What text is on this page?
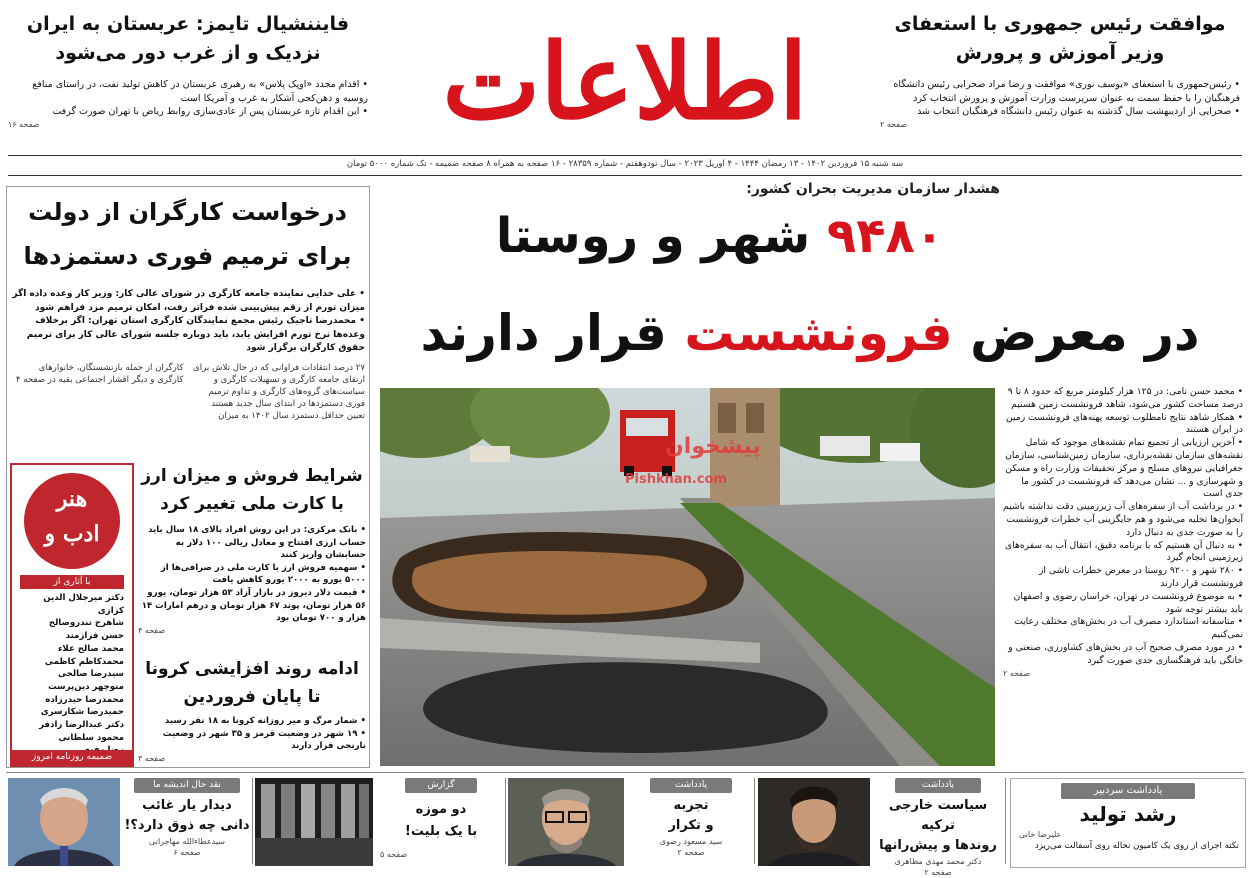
اطلاعات	موافقت رئیس جمهوری با استعفای وزیر آموزش و پرورش
• رئیس‌جمهوری با استعفای «یوسف نوری» موافقت و رضا مراد صحرایی رئیس دانشگاه فرهنگیان را با حفظ سمت به عنوان سرپرست وزارت آموزش و پرورش انتخاب کرد
• صحرایی از اردیبهشت سال گذشته به عنوان رئیس دانشگاه فرهنگیان انتخاب شد
صفحه ۲
فایننشیال تایمز: عربستان به ایران نزدیک و از غرب دور می‌شود
• اقدام مجدد «اوپک پلاس» به رهبری عربستان در کاهش تولید نفت، در راستای منافع روسیه و دهن‌کجی آشکار به غرب و آمریکا است
• این اقدام تازه عربستان پس از عادی‌سازی روابط ریاض با تهران صورت گرفت
صفحه ۱۶
سه شنبه ۱۵ فروردین ۱۴۰۲ - ۱۳ رمضان ۱۴۴۴ - ۴ آوریل ۲۰۲۳ - سال نودوهفتم - شماره ۲۸۳۵۹ - ۱۶ صفحه به همراه ۸ صفحه ضمیمه - تک شماره ۵۰۰۰ تومان
هشدار سازمان مدیریت بحران کشور:
۹۴۸۰ شهر و روستا
در معرض فرونشست قرار دارند
پیشخوان
Pishkhan.com
• محمد حسن نامی: در ۱۲۵ هزار کیلومتر مربع که حدود ۸ تا ۹ درصد مساحت کشور می‌شود، شاهد فرونشست زمین هستیم
• همکار شاهد نتایج نامطلوب توسعه پهنه‌های فرونشست زمین در ایران هستند
• آخرین ارزیابی از تجمیع تمام نقشه‌های موجود که شامل نقشه‌های سازمان نقشه‌برداری، سازمان زمین‌شناسی، سازمان جغرافیایی نیروهای مسلح و مرکز تحقیقات وزارت راه و مسکن و شهرسازی و ... نشان می‌دهد که فرونشست در کشور ما جدی است
• در برداشت آب از سفره‌های آب زیرزمینی دقت نداشته باشیم آبخوان‌ها تخلیه می‌شود و هم جایگزینی آب خطرات فرونشست را به صورت جدی به دنبال دارد
• به دنبال آن هستیم که با برنامه دقیق، انتقال آب به سفره‌های زیرزمینی انجام گیرد
• ۲۸۰ شهر و ۹۲۰۰ روستا در معرض خطرات ناشی از فرونشست قرار دارند
• به موضوع فرونشست در تهران، خراسان رضوی و اصفهان باید بیشتر توجه شود
• متاسفانه استاندارد مصرف آب در بخش‌های مختلف رعایت نمی‌کنیم
• در مورد مصرف صحیح آب در بخش‌های کشاورزی، صنعتی و خانگی باید فرهنگسازی جدی صورت گیرد
صفحه ۲
درخواست کارگران از دولت
برای ترمیم فوری دستمزدها
• علی خدایی نماینده جامعه کارگری در شورای عالی کار: وزیر کار وعده داده اگر میزان تورم از رقم پیش‌بینی شده فراتر رفت، امکان ترمیم مزد فراهم شود
• محمدرضا تاجیک رئیس مجمع نمایندگان کارگری استان تهران: اگر برخلاف وعده‌ها نرخ تورم افزایش یابد، باید دوباره جلسه شورای عالی کار برای ترمیم حقوق کارگران برگزار شود
۲۷ درصد انتقادات فراوانی که در حال تلاش برای ارتقای جامعه کارگری و تسهیلات کارگری و سیاست‌های گروه‌های کارگری و تداوم ترمیم فوری دستمزدها در ابتدای سال جدید هستند
کارگران از جمله بازنشستگان، خانوارهای کارگری و دیگر اقشار اجتماعی بقیه در صفحه ۴
تعیین حداقل دستمزد سال ۱۴۰۲ به میزان
هنر
ادب و
با آثاری از
دکتر میرجلال الدین کزازی
شاهرخ تندروصالح
حسن فرازمند
محمد صالح علاء
محمدکاظم کاظمی
سیدرضا صالحی
منوچهر دین‌پرست
محمدرضا حیدرزاده
حمیدرضا شکارسری
دکتر عبدالرضا رادفر
محمود سلطانی
ضمیمه روزنامه امروز
شرایط فروش و میزان ارز
با کارت ملی تغییر کرد
• بانک مرکزی: در این روش افراد بالای ۱۸ سال باید حساب ارزی افتتاح و معادل ریالی ۱۰۰ دلار به حسابشان واریز کنند
• سهمیه فروش ارز با کارت ملی در صرافی‌ها از ۵۰۰۰ یورو به ۲۰۰۰ یورو کاهش یافت
• قیمت دلار دیروز در بازار آزاد ۵۳ هزار تومان، یورو ۵۶ هزار تومان، پوند ۶۷ هزار تومان و درهم امارات ۱۴ هزار و ۷۰۰ تومان بود
صفحه ۴
ادامه روند افزایشی کرونا
تا پایان فروردین
• شمار مرگ و میر روزانه کرونا به ۱۸ نفر رسید
• ۱۹ شهر در وضعیت قرمز و ۳۵ شهر در وضعیت نارنجی قرار دارند
صفحه ۳
یادداشت سردبیر
رشد تولید
علیرضا خانی
نکته اجرای از روی یک کامیون نخاله روی آسفالت می‌ریزد
یادداشت
سیاست خارجی ترکیه
روندها و پیش‌رانها
دکتر محمد مهدی مظاهری
صفحه ۲
یادداشت
تجربه
و تکرار
سید مسعود رضوی
صفحه ۲
گزارش
دو موزه
با یک بلیت!
صفحه ۵
نقد حال اندیشه ما
دیدار یار غائب
دانی چه ذوق دارد؟!
سیدعطاءالله مهاجرانی
صفحه ۶
